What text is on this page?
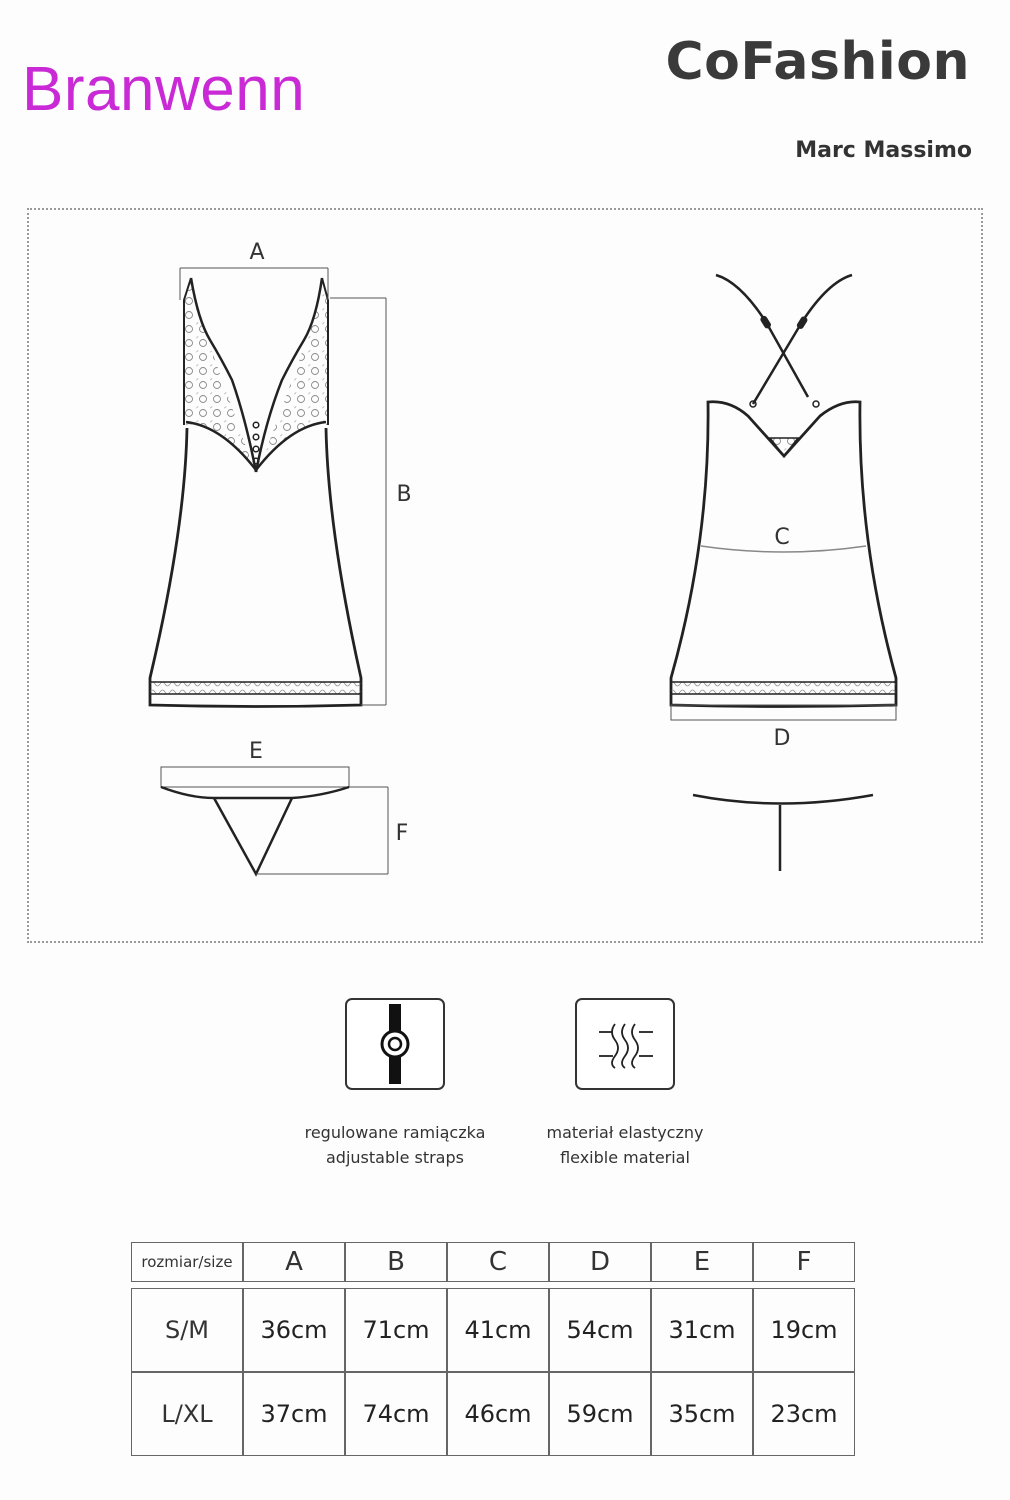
Branwenn	CoFashion
Marc Massimo
A
B
E
F
C
D
regulowane ramiączka
adjustable straps
materiał elastyczny
flexible material
rozmiar/size	A	B	C	D	E	F

S/M	36cm	71cm	41cm	54cm	31cm	19cm
L/XL	37cm	74cm	46cm	59cm	35cm	23cm
